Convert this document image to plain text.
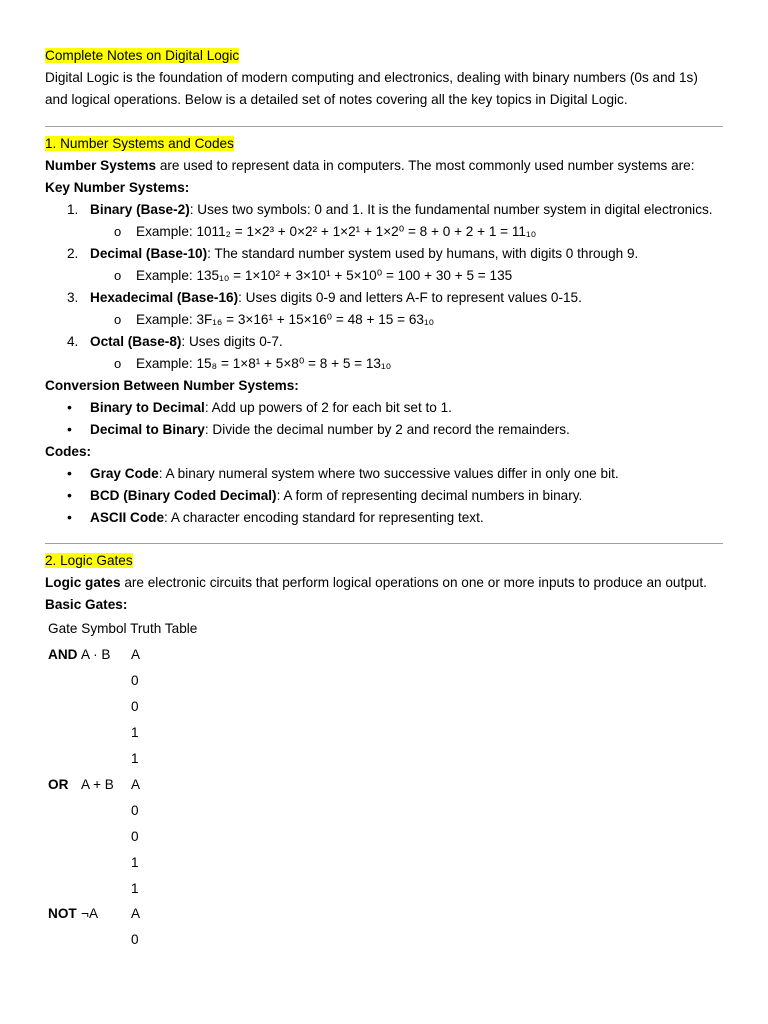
Complete Notes on Digital Logic
Digital Logic is the foundation of modern computing and electronics, dealing with binary numbers (0s and 1s)
and logical operations. Below is a detailed set of notes covering all the key topics in Digital Logic.
1. Number Systems and Codes
Number Systems are used to represent data in computers. The most commonly used number systems are:
Key Number Systems:
1. Binary (Base-2): Uses two symbols: 0 and 1. It is the fundamental number system in digital electronics.
o Example: 1011₂ = 1×2³ + 0×2² + 1×2¹ + 1×2⁰ = 8 + 0 + 2 + 1 = 11₁₀
2. Decimal (Base-10): The standard number system used by humans, with digits 0 through 9.
o Example: 135₁₀ = 1×10² + 3×10¹ + 5×10⁰ = 100 + 30 + 5 = 135
3. Hexadecimal (Base-16): Uses digits 0-9 and letters A-F to represent values 0-15.
o Example: 3F₁₆ = 3×16¹ + 15×16⁰ = 48 + 15 = 63₁₀
4. Octal (Base-8): Uses digits 0-7.
o Example: 15₈ = 1×8¹ + 5×8⁰ = 8 + 5 = 13₁₀
Conversion Between Number Systems:
• Binary to Decimal: Add up powers of 2 for each bit set to 1.
• Decimal to Binary: Divide the decimal number by 2 and record the remainders.
Codes:
• Gray Code: A binary numeral system where two successive values differ in only one bit.
• BCD (Binary Coded Decimal): A form of representing decimal numbers in binary.
• ASCII Code: A character encoding standard for representing text.
2. Logic Gates
Logic gates are electronic circuits that perform logical operations on one or more inputs to produce an output.
Basic Gates:
Gate Symbol Truth Table
AND A · B A
0
0
1
1
OR A + B A
0
0
1
1
NOT ¬A A
0
